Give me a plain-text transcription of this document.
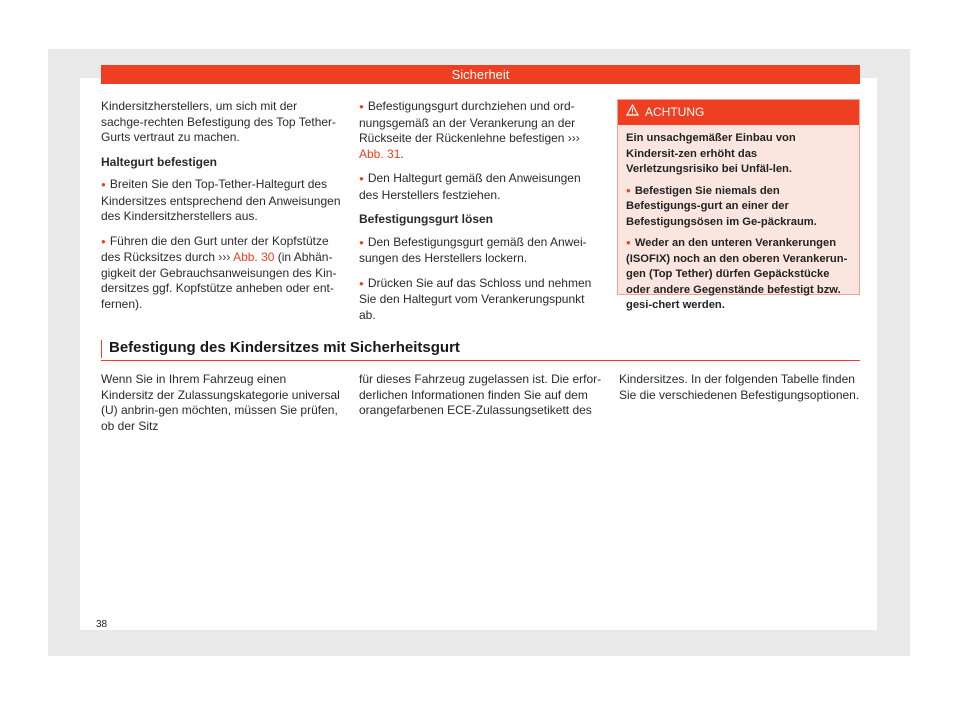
Sicherheit

Kindersitzherstellers, um sich mit der sachge-rechten Befestigung des Top Tether-Gurts vertraut zu machen.

Haltegurt befestigen

● Breiten Sie den Top-Tether-Haltegurt des Kindersitzes entsprechend den Anweisungen des Kindersitzherstellers aus.

● Führen die den Gurt unter der Kopfstütze des Rücksitzes durch ››› Abb. 30 (in Abhän-gigkeit der Gebrauchsanweisungen des Kin-dersitzes ggf. Kopfstütze anheben oder ent-fernen).

● Befestigungsgurt durchziehen und ord-nungsgemäß an der Verankerung an der Rückseite der Rückenlehne befestigen ››› Abb. 31.

● Den Haltegurt gemäß den Anweisungen des Herstellers festziehen.

Befestigungsgurt lösen

● Den Befestigungsgurt gemäß den Anwei-sungen des Herstellers lockern.

● Drücken Sie auf das Schloss und nehmen Sie den Haltegurt vom Verankerungspunkt ab.

ACHTUNG

Ein unsachgemäßer Einbau von Kindersit-zen erhöht das Verletzungsrisiko bei Unfäl-len.

● Befestigen Sie niemals den Befestigungs-gurt an einer der Befestigungsösen im Ge-päckraum.

● Weder an den unteren Verankerungen (ISOFIX) noch an den oberen Verankerun-gen (Top Tether) dürfen Gepäckstücke oder andere Gegenstände befestigt bzw. gesi-chert werden.

Befestigung des Kindersitzes mit Sicherheitsgurt
Wenn Sie in Ihrem Fahrzeug einen Kindersitz der Zulassungskategorie universal (U) anbrin-gen möchten, müssen Sie prüfen, ob der Sitz
für dieses Fahrzeug zugelassen ist. Die erfor-derlichen Informationen finden Sie auf dem orangefarbenen ECE-Zulassungsetikett des
Kindersitzes. In der folgenden Tabelle finden Sie die verschiedenen Befestigungsoptionen.
38
